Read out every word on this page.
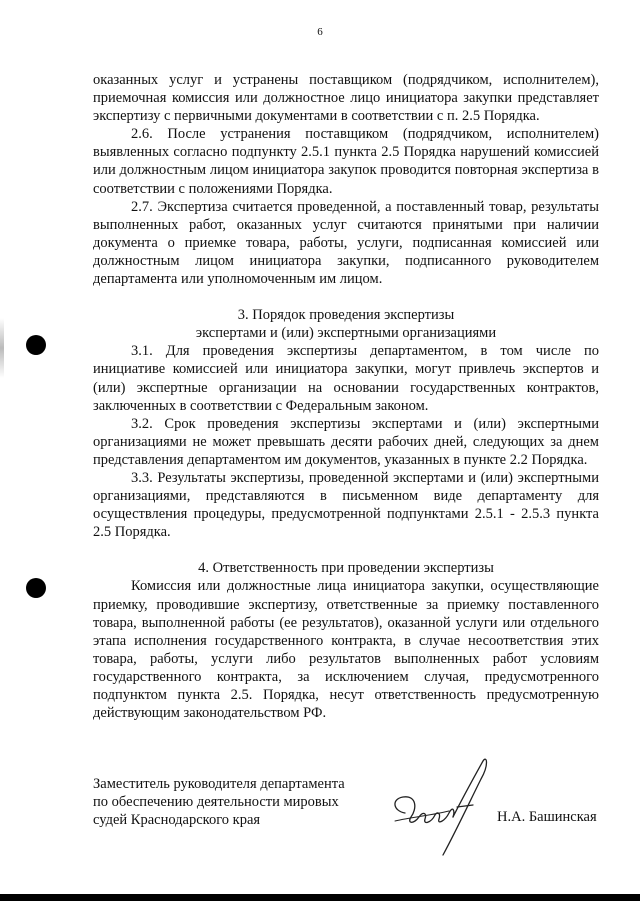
6

оказанных услуг и устранены поставщиком (подрядчиком, исполнителем), приемочная комиссия или должностное лицо инициатора закупки представляет экспертизу с первичными документами в соответствии с п. 2.5 Порядка.

2.6. После устранения поставщиком (подрядчиком, исполнителем) выявленных согласно подпункту 2.5.1 пункта 2.5 Порядка нарушений комиссией или должностным лицом инициатора закупок проводится повторная экспертиза в соответствии с положениями Порядка.

2.7. Экспертиза считается проведенной, а поставленный товар, результаты выполненных работ, оказанных услуг считаются принятыми при наличии документа о приемке товара, работы, услуги, подписанная комиссией или должностным лицом инициатора закупки, подписанного руководителем департамента или уполномоченным им лицом.

3. Порядок проведения экспертизы
экспертами и (или) экспертными организациями

3.1. Для проведения экспертизы департаментом, в том числе по инициативе комиссией или инициатора закупки, могут привлечь экспертов и (или) экспертные организации на основании государственных контрактов, заключенных в соответствии с Федеральным законом.

3.2. Срок проведения экспертизы экспертами и (или) экспертными организациями не может превышать десяти рабочих дней, следующих за днем представления департаментом им документов, указанных в пункте 2.2 Порядка.

3.3. Результаты экспертизы, проведенной экспертами и (или) экспертными организациями, представляются в письменном виде департаменту для осуществления процедуры, предусмотренной подпунктами 2.5.1 - 2.5.3 пункта 2.5 Порядка.

4. Ответственность при проведении экспертизы

Комиссия или должностные лица инициатора закупки, осуществляющие приемку, проводившие экспертизу, ответственные за приемку поставленного товара, выполненной работы (ее результатов), оказанной услуги или отдельного этапа исполнения государственного контракта, в случае несоответствия этих товара, работы, услуги либо результатов выполненных работ условиям государственного контракта, за исключением случая, предусмотренного подпунктом пункта 2.5. Порядка, несут ответственность предусмотренную действующим законодательством РФ.

Заместитель руководителя департамента
по обеспечению деятельности мировых
судей Краснодарского края	Н.А. Башинская
